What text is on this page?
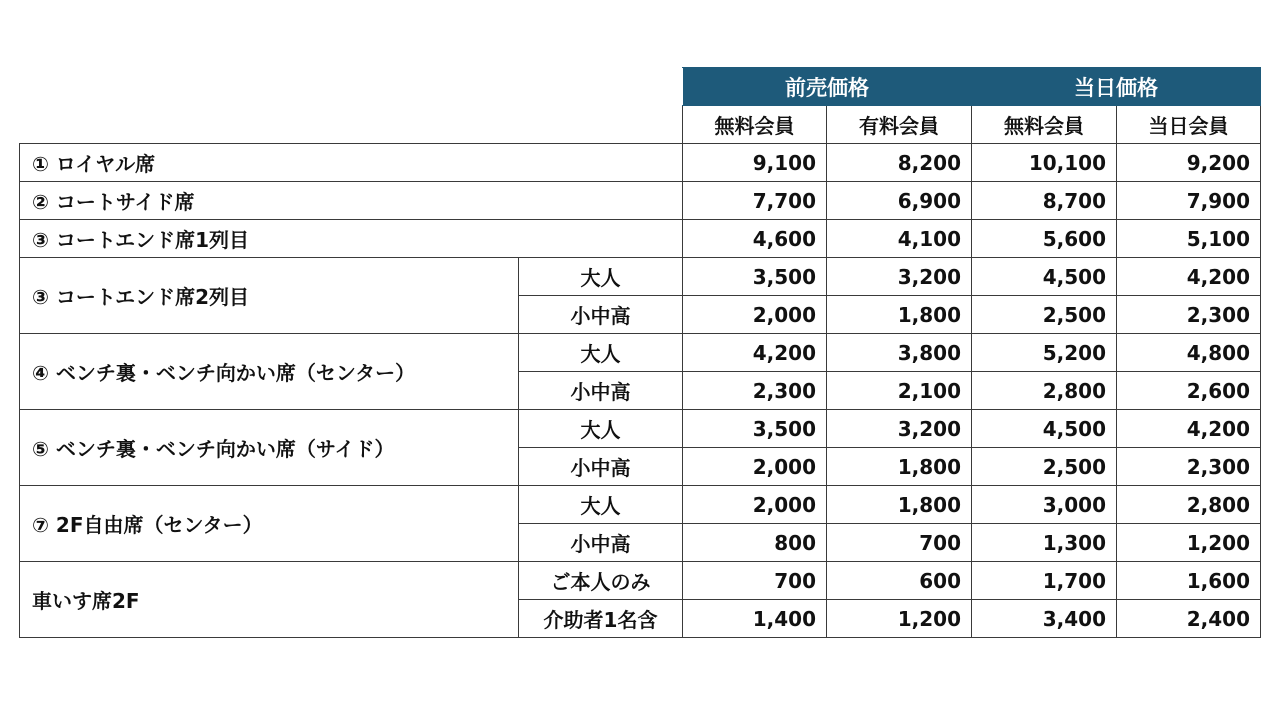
		前売価格		当日価格	
		無料会員	有料会員	無料会員	当日会員
① ロイヤル席		9,100	8,200	10,100	9,200
② コートサイド席		7,700	6,900	8,700	7,900
③ コートエンド席1列目		4,600	4,100	5,600	5,100
③ コートエンド席2列目	大人	3,500	3,200	4,500	4,200
	小中高	2,000	1,800	2,500	2,300
④ ベンチ裏・ベンチ向かい席（センター）	大人	4,200	3,800	5,200	4,800
	小中高	2,300	2,100	2,800	2,600
⑤ ベンチ裏・ベンチ向かい席（サイド）	大人	3,500	3,200	4,500	4,200
	小中高	2,000	1,800	2,500	2,300
⑦ 2F自由席（センター）	大人	2,000	1,800	3,000	2,800
	小中高	800	700	1,300	1,200
車いす席2F	ご本人のみ	700	600	1,700	1,600
	介助者1名含	1,400	1,200	3,400	2,400
